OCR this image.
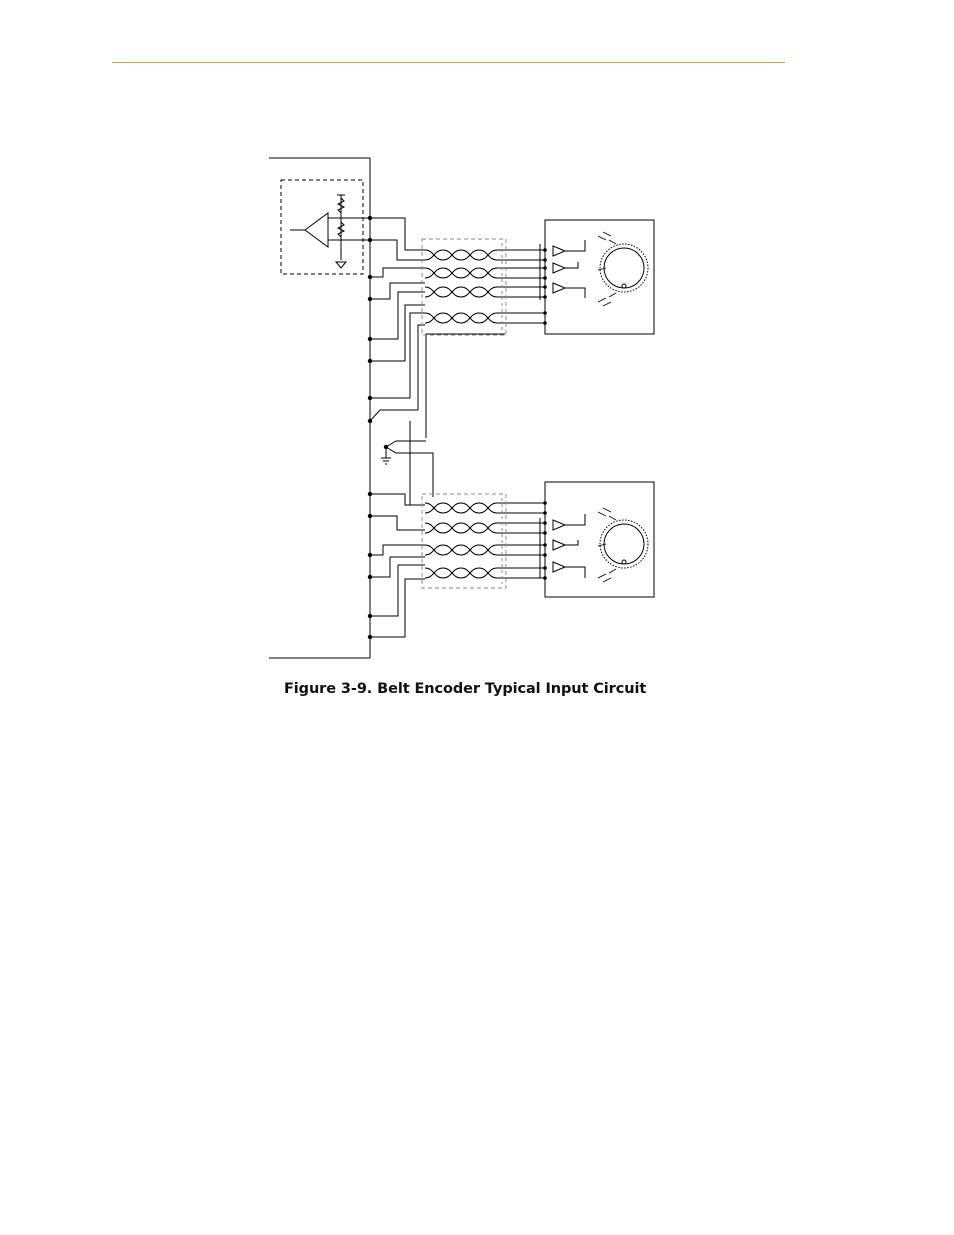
Figure 3-9. Belt Encoder Typical Input Circuit
